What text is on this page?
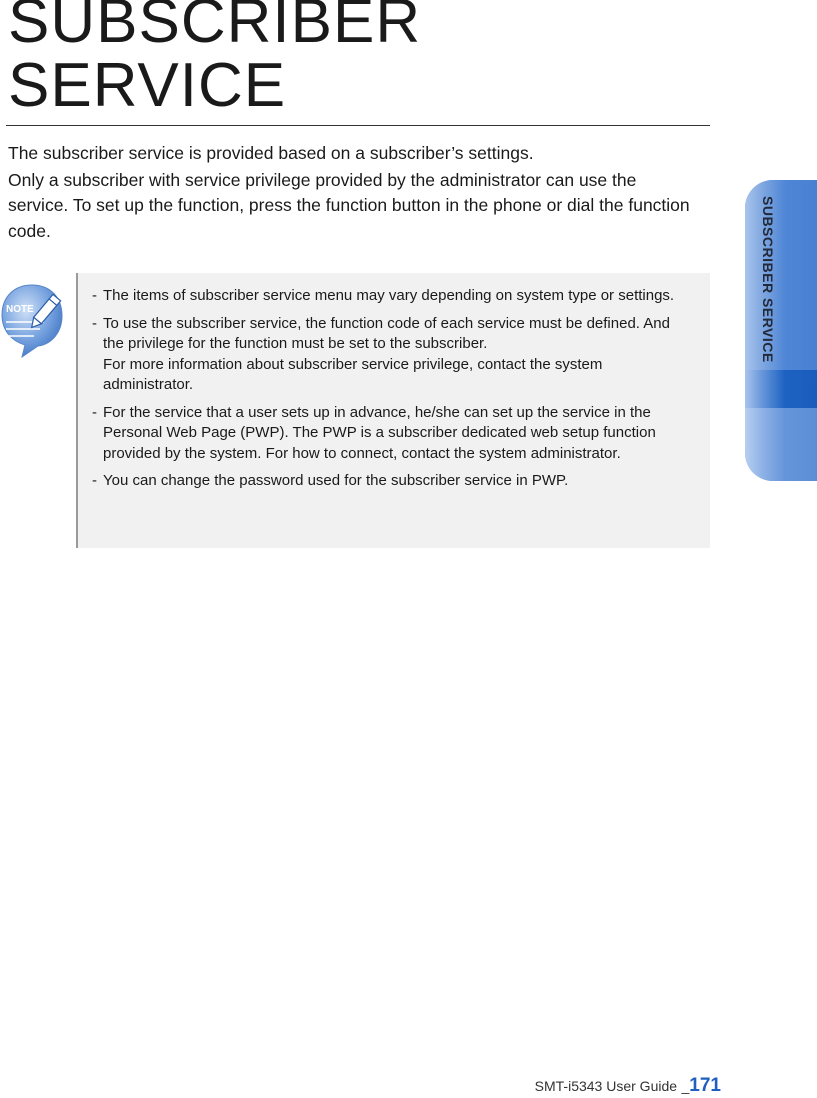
SUBSCRIBER
SERVICE

The subscriber service is provided based on a subscriber’s settings.

Only a subscriber with service privilege provided by the administrator can use the service. To set up the function, press the function button in the phone or dial the function code.

NOTE
- The items of subscriber service menu may vary depending on system type or settings.
- To use the subscriber service, the function code of each service must be defined. And the privilege for the function must be set to the subscriber.
For more information about subscriber service privilege, contact the system administrator.
- For the service that a user sets up in advance, he/she can set up the service in the Personal Web Page (PWP). The PWP is a subscriber dedicated web setup function provided by the system. For how to connect, contact the system administrator.
- You can change the password used for the subscriber service in PWP.
SUBSCRIBER SERVICE
SMT-i5343 User Guide _171
